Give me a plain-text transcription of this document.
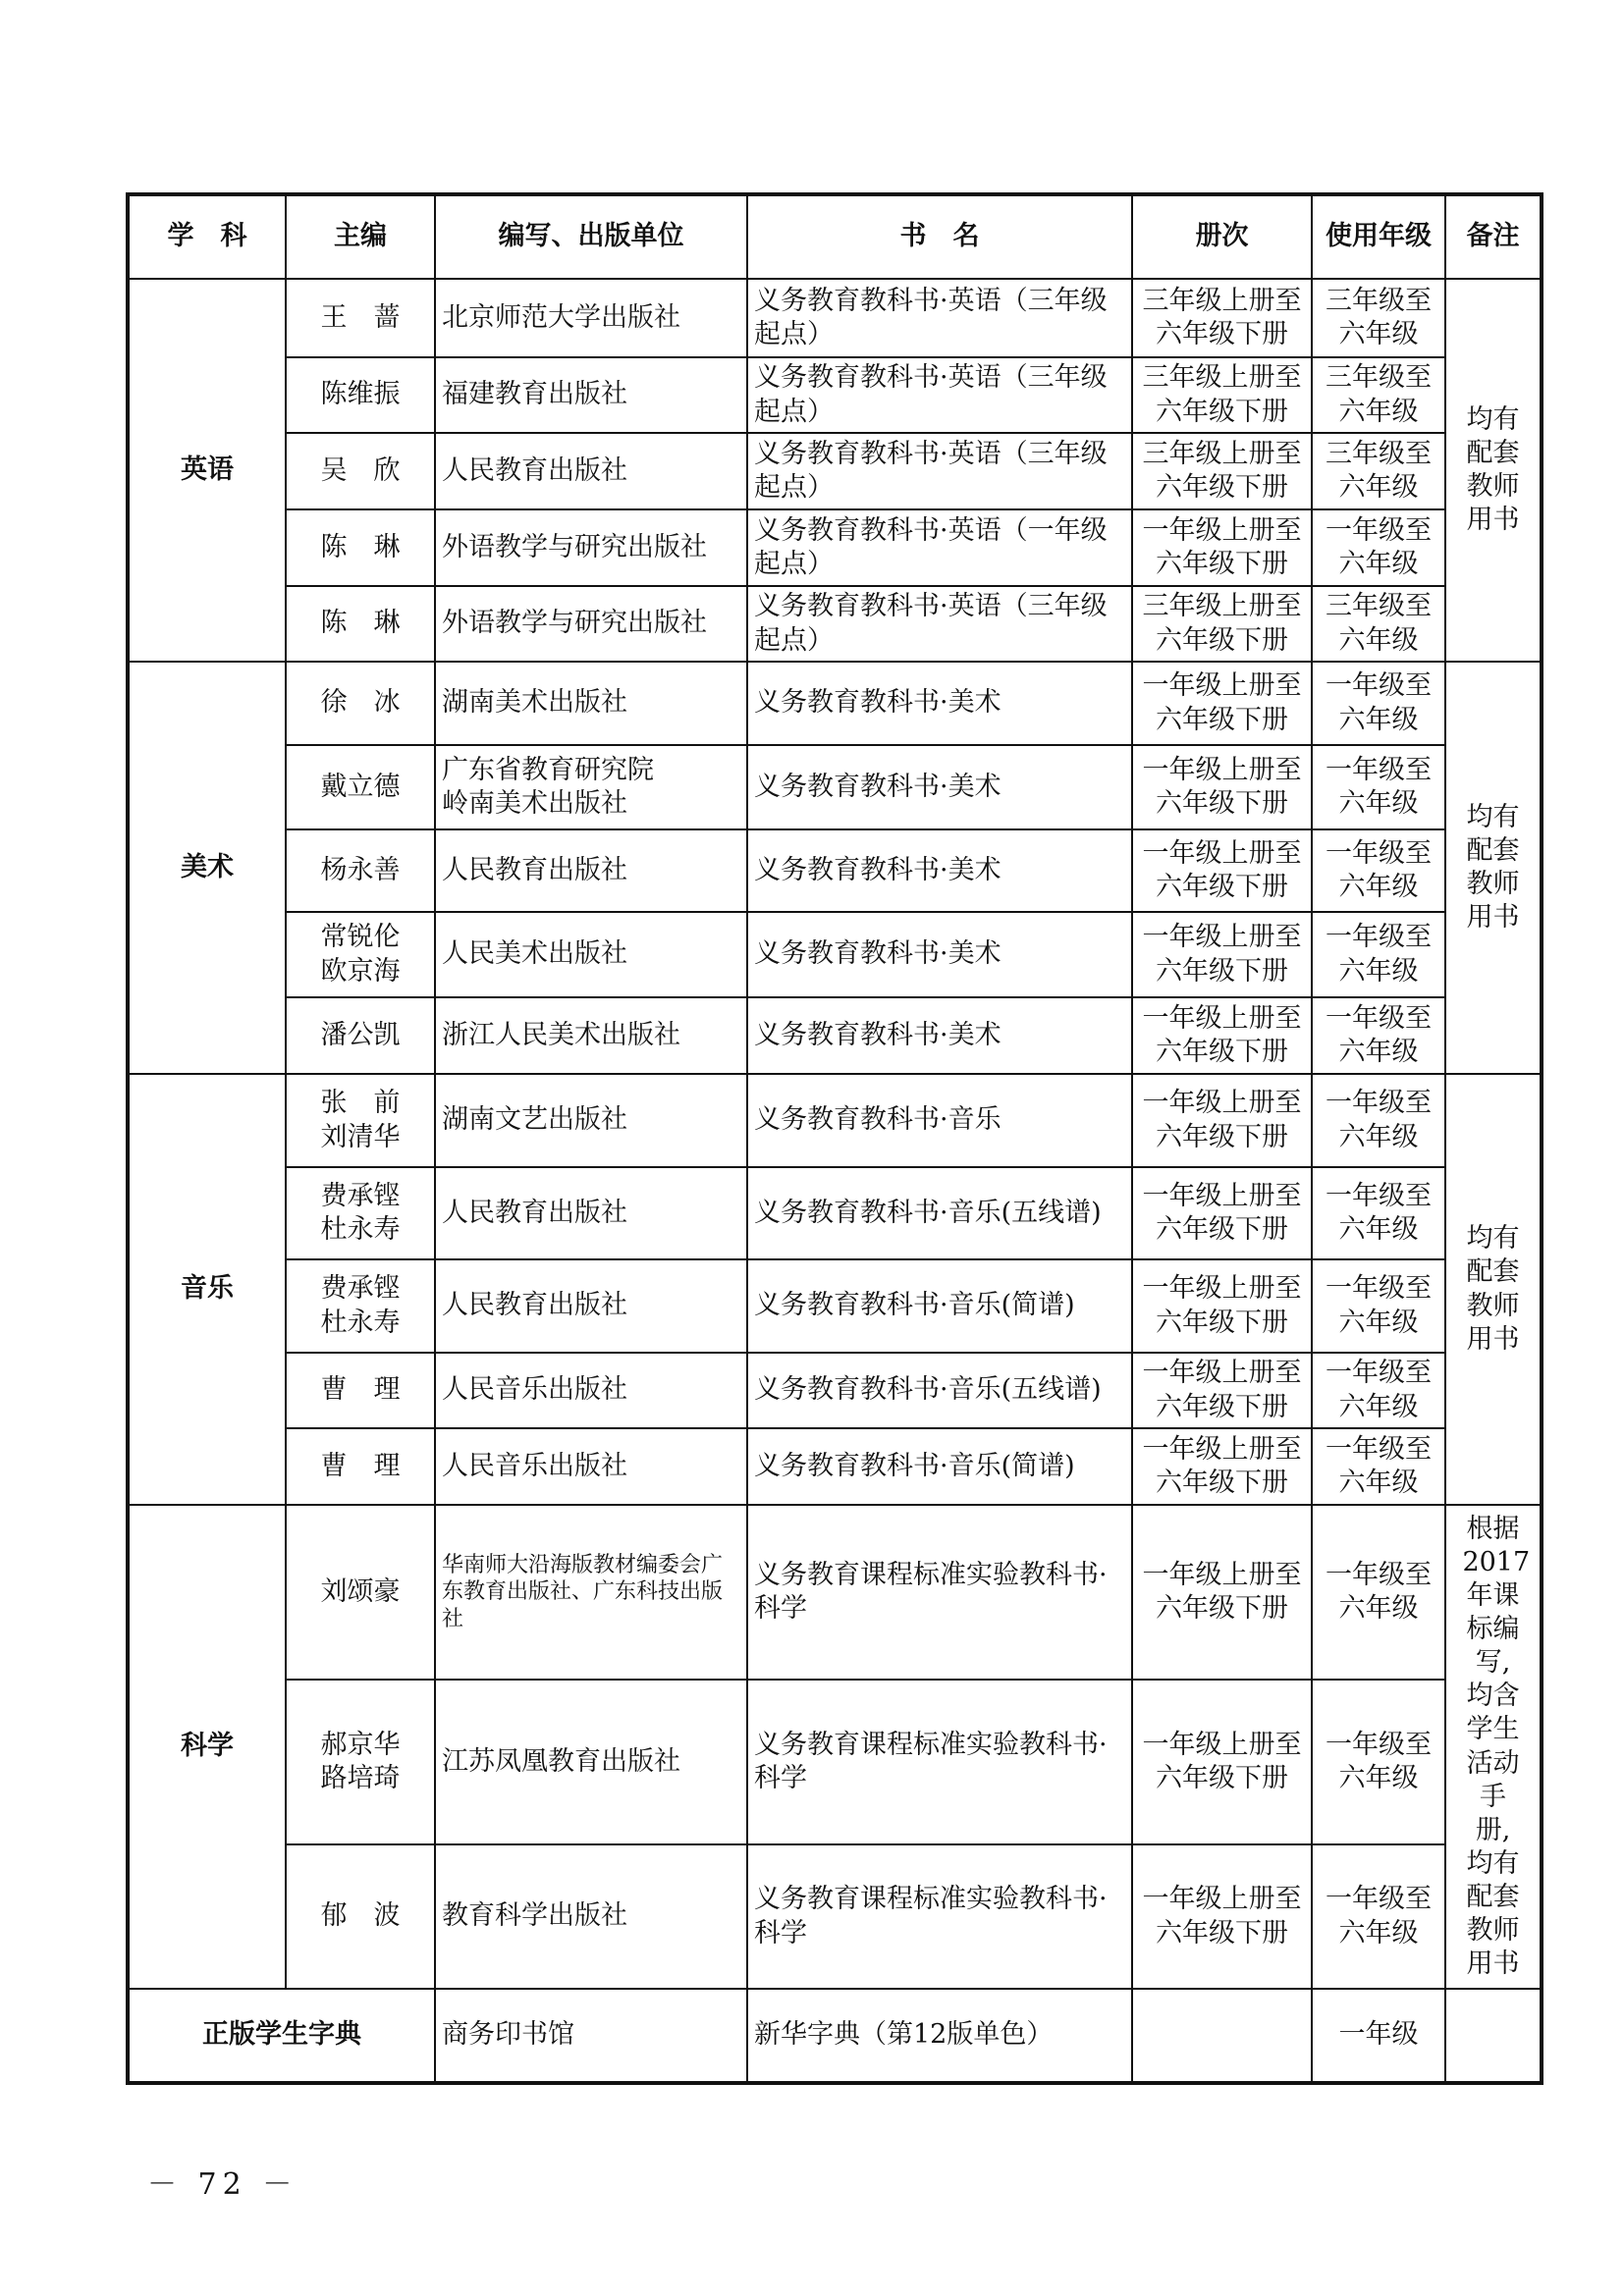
学　科	主编	编写、出版单位	书　名	册次	使用年级	备注
英语	王　蔷	北京师范大学出版社	义务教育教科书·英语（三年级起点）	三年级上册至
六年级下册	三年级至
六年级	均有配套教师用书

	陈维振	福建教育出版社	义务教育教科书·英语（三年级起点）	三年级上册至
六年级下册	三年级至
六年级	

	吴　欣	人民教育出版社	义务教育教科书·英语（三年级起点）	三年级上册至
六年级下册	三年级至
六年级	

	陈　琳	外语教学与研究出版社	义务教育教科书·英语（一年级起点）	一年级上册至
六年级下册	一年级至
六年级	

	陈　琳	外语教学与研究出版社	义务教育教科书·英语（三年级起点）	三年级上册至
六年级下册	三年级至
六年级	

美术	徐　冰	湖南美术出版社	义务教育教科书·美术	一年级上册至
六年级下册	一年级至
六年级	均有配套教师用书

	戴立德	广东省教育研究院
岭南美术出版社	义务教育教科书·美术	一年级上册至
六年级下册	一年级至
六年级	

	杨永善	人民教育出版社	义务教育教科书·美术	一年级上册至
六年级下册	一年级至
六年级	

	常锐伦
欧京海	人民美术出版社	义务教育教科书·美术	一年级上册至
六年级下册	一年级至
六年级	

	潘公凯	浙江人民美术出版社	义务教育教科书·美术	一年级上册至
六年级下册	一年级至
六年级	

音乐	张　前
刘清华	湖南文艺出版社	义务教育教科书·音乐	一年级上册至
六年级下册	一年级至
六年级	均有配套教师用书

	费承铿
杜永寿	人民教育出版社	义务教育教科书·音乐(五线谱)	一年级上册至
六年级下册	一年级至
六年级	

	费承铿
杜永寿	人民教育出版社	义务教育教科书·音乐(简谱)	一年级上册至
六年级下册	一年级至
六年级	

	曹　理	人民音乐出版社	义务教育教科书·音乐(五线谱)	一年级上册至
六年级下册	一年级至
六年级	

	曹　理	人民音乐出版社	义务教育教科书·音乐(简谱)	一年级上册至
六年级下册	一年级至
六年级	

科学	刘颂豪	华南师大沿海版教材编委会广东教育出版社、广东科技出版社	义务教育课程标准实验教科书·科学	一年级上册至
六年级下册	一年级至
六年级	根据2017年课标编写,均含学生活动手册,均有配套教师用书

	郝京华
路培琦	江苏凤凰教育出版社	义务教育课程标准实验教科书·科学	一年级上册至
六年级下册	一年级至
六年级	

	郁　波	教育科学出版社	义务教育课程标准实验教科书·科学	一年级上册至
六年级下册	一年级至
六年级	

正版学生字典		商务印书馆	新华字典（第12版单色）		一年级	
－ 72 －
